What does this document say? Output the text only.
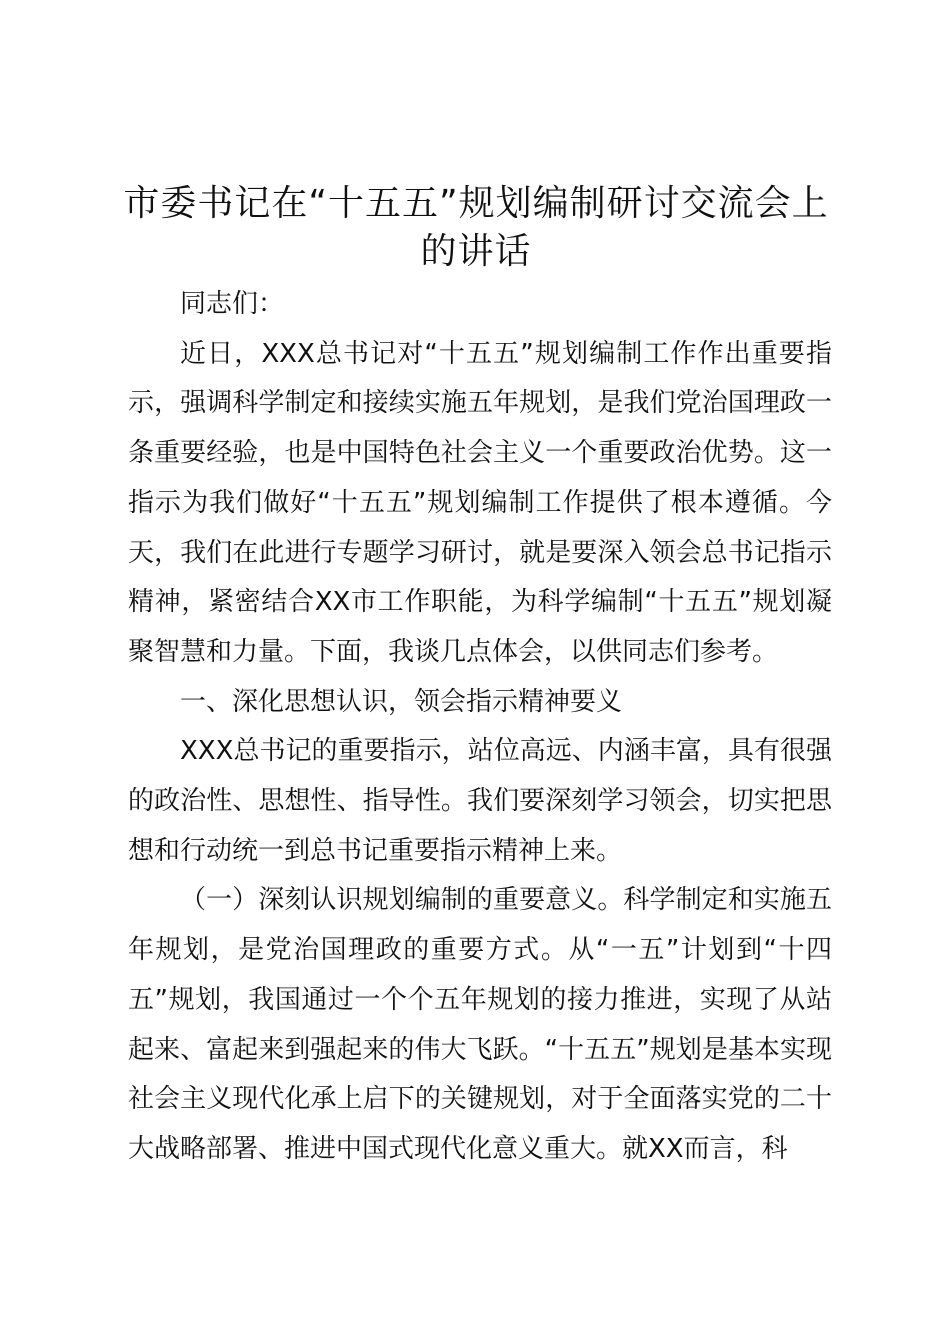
市委书记在“十五五”规划编制研讨交流会上
的讲话

同志们：

近日，XXX总书记对“十五五”规划编制工作作出重要指示，强调科学制定和接续实施五年规划，是我们党治国理政一条重要经验，也是中国特色社会主义一个重要政治优势。这一指示为我们做好“十五五”规划编制工作提供了根本遵循。今天，我们在此进行专题学习研讨，就是要深入领会总书记指示精神，紧密结合XX市工作职能，为科学编制“十五五”规划凝聚智慧和力量。下面，我谈几点体会，以供同志们参考。

一、深化思想认识，领会指示精神要义

XXX总书记的重要指示，站位高远、内涵丰富，具有很强的政治性、思想性、指导性。我们要深刻学习领会，切实把思想和行动统一到总书记重要指示精神上来。

（一）深刻认识规划编制的重要意义。科学制定和实施五年规划，是党治国理政的重要方式。从“一五”计划到“十四五”规划，我国通过一个个五年规划的接力推进，实现了从站起来、富起来到强起来的伟大飞跃。“十五五”规划是基本实现社会主义现代化承上启下的关键规划，对于全面落实党的二十大战略部署、推进中国式现代化意义重大。就XX而言，科
